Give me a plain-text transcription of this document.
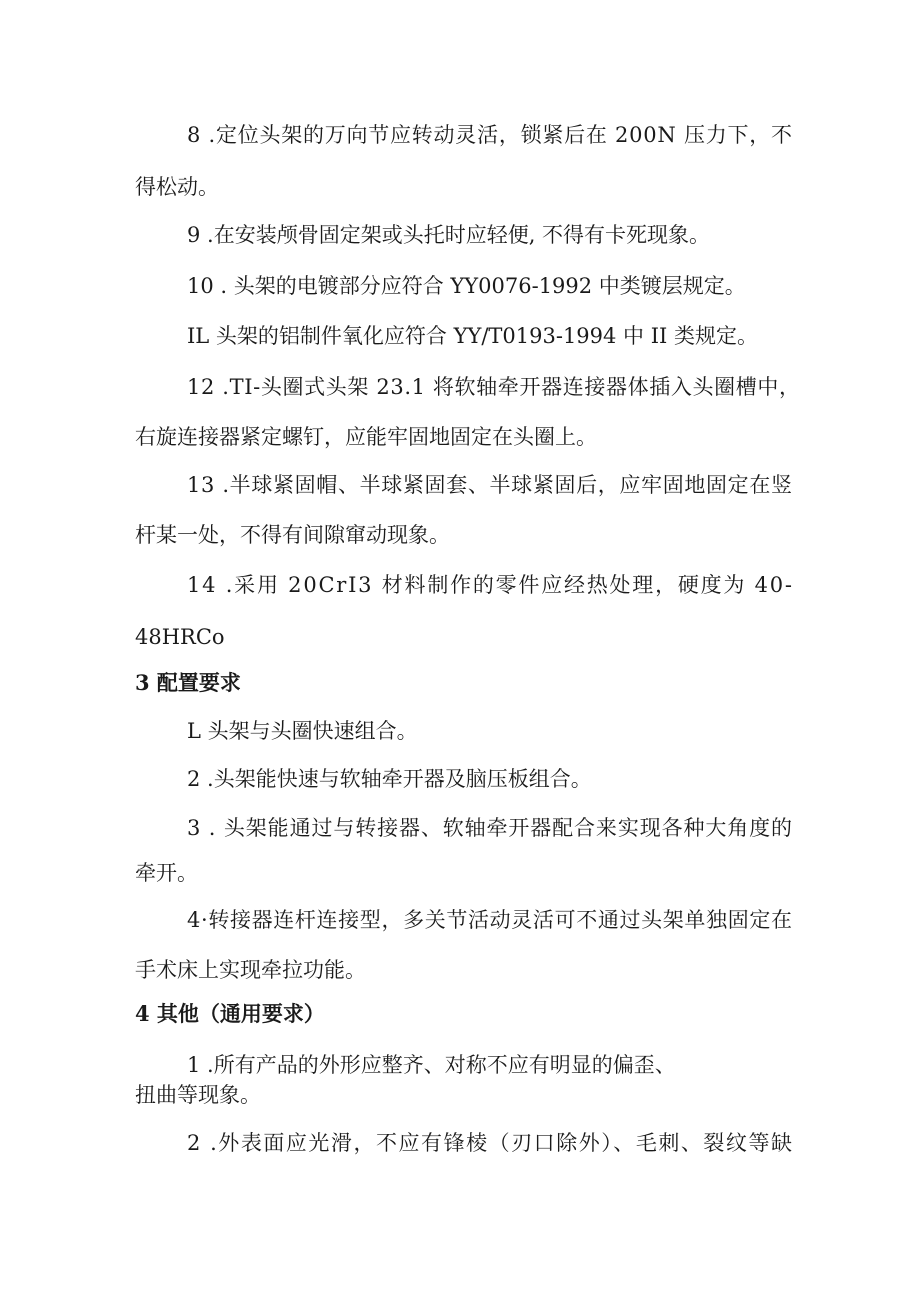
8 .定位头架的万向节应转动灵活，锁紧后在 200N 压力下，不
得松动。
9 .在安装颅骨固定架或头托时应轻便, 不得有卡死现象。
10 . 头架的电镀部分应符合 YY0076-1992 中类镀层规定。
IL 头架的铝制件氧化应符合 YY/T0193-1994 中 II 类规定。
12 .TI-头圈式头架 23.1 将软轴牵开器连接器体插入头圈槽中，
右旋连接器紧定螺钉，应能牢固地固定在头圈上。
13 .半球紧固帽、半球紧固套、半球紧固后，应牢固地固定在竖
杆某一处，不得有间隙窜动现象。
14 .采用 20CrI3 材料制作的零件应经热处理，硬度为 40-
48HRCo
3 配置要求
L 头架与头圈快速组合。
2 .头架能快速与软轴牵开器及脑压板组合。
3 . 头架能通过与转接器、软轴牵开器配合来实现各种大角度的
牵开。
4·转接器连杆连接型，多关节活动灵活可不通过头架单独固定在
手术床上实现牵拉功能。
4 其他（通用要求）
1 .所有产品的外形应整齐、对称不应有明显的偏歪、
扭曲等现象。
2 .外表面应光滑，不应有锋棱（刃口除外）、毛刺、裂纹等缺
